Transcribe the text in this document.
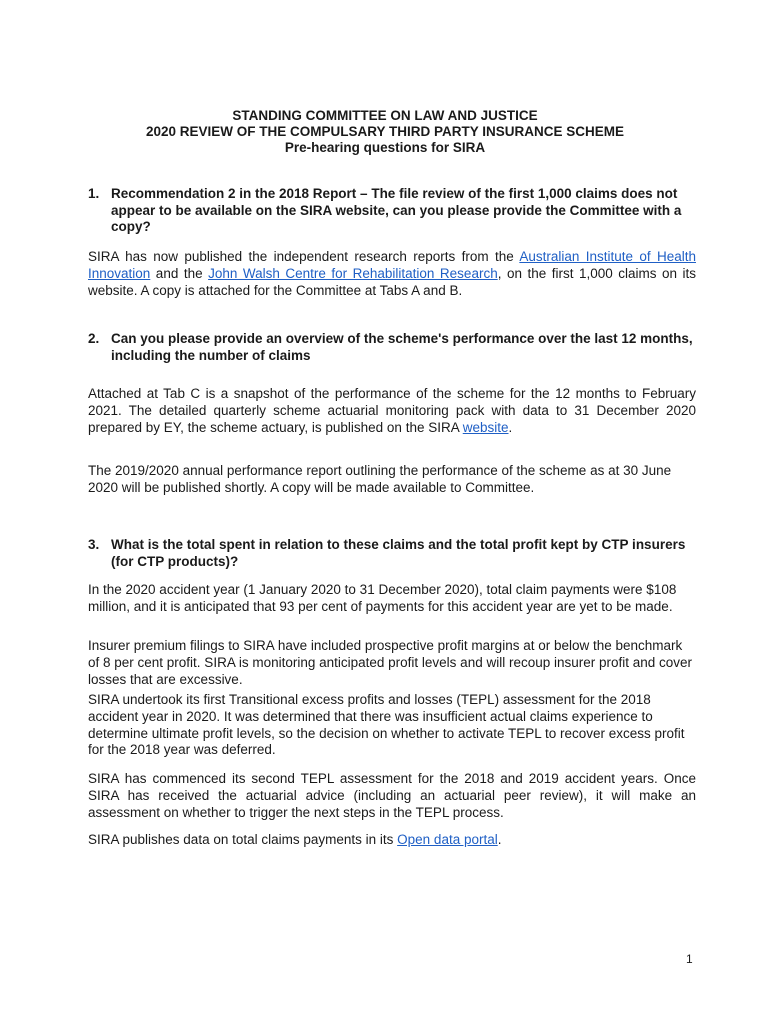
STANDING COMMITTEE ON LAW AND JUSTICE
2020 REVIEW OF THE COMPULSARY THIRD PARTY INSURANCE SCHEME
Pre-hearing questions for SIRA
1. Recommendation 2 in the 2018 Report – The file review of the first 1,000 claims does not appear to be available on the SIRA website, can you please provide the Committee with a copy?
SIRA has now published the independent research reports from the Australian Institute of Health Innovation and the John Walsh Centre for Rehabilitation Research, on the first 1,000 claims on its website. A copy is attached for the Committee at Tabs A and B.
2. Can you please provide an overview of the scheme's performance over the last 12 months, including the number of claims
Attached at Tab C is a snapshot of the performance of the scheme for the 12 months to February 2021. The detailed quarterly scheme actuarial monitoring pack with data to 31 December 2020 prepared by EY, the scheme actuary, is published on the SIRA website.
The 2019/2020 annual performance report outlining the performance of the scheme as at 30 June 2020 will be published shortly. A copy will be made available to Committee.
3. What is the total spent in relation to these claims and the total profit kept by CTP insurers (for CTP products)?
In the 2020 accident year (1 January 2020 to 31 December 2020), total claim payments were $108 million, and it is anticipated that 93 per cent of payments for this accident year are yet to be made.
Insurer premium filings to SIRA have included prospective profit margins at or below the benchmark of 8 per cent profit. SIRA is monitoring anticipated profit levels and will recoup insurer profit and cover losses that are excessive.
SIRA undertook its first Transitional excess profits and losses (TEPL) assessment for the 2018 accident year in 2020. It was determined that there was insufficient actual claims experience to determine ultimate profit levels, so the decision on whether to activate TEPL to recover excess profit for the 2018 year was deferred.
SIRA has commenced its second TEPL assessment for the 2018 and 2019 accident years. Once SIRA has received the actuarial advice (including an actuarial peer review), it will make an assessment on whether to trigger the next steps in the TEPL process.
SIRA publishes data on total claims payments in its Open data portal.
1
